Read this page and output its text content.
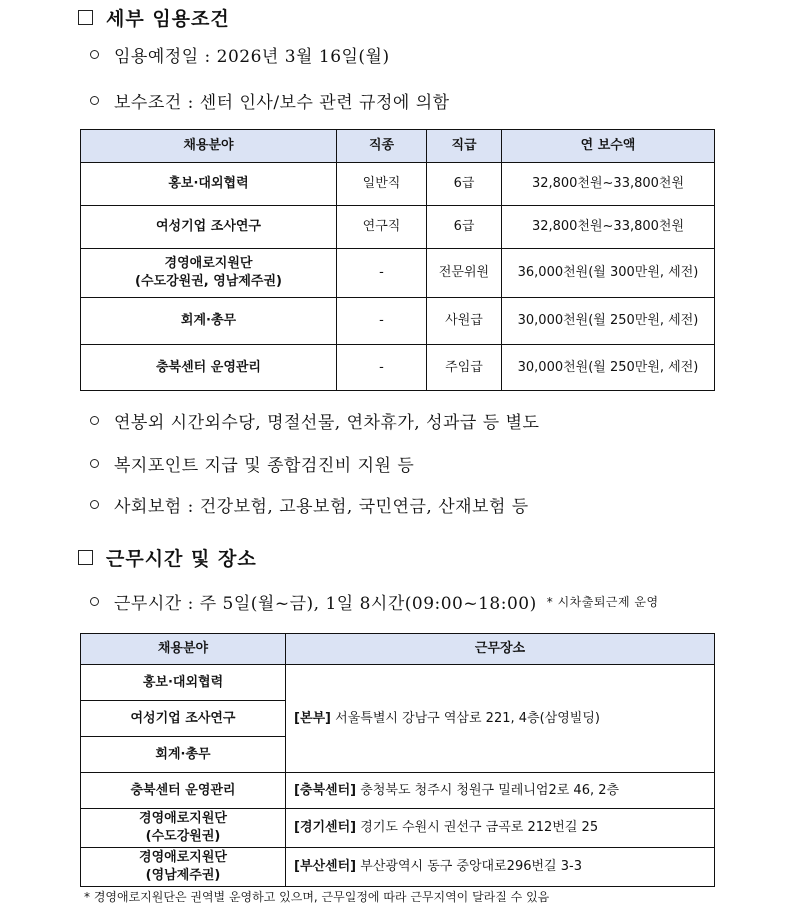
세부 임용조건
임용예정일 : 2026년 3월 16일(월)
보수조건 : 센터 인사/보수 관련 규정에 의함
채용분야	직종	직급	연 보수액
홍보·대외협력	일반직	6급	32,800천원~33,800천원
여성기업 조사연구	연구직	6급	32,800천원~33,800천원

경영애로지원단
(수도강원권, 영남제주권)	-	전문위원	36,000천원(월 300만원, 세전)
회계·총무	-	사원급	30,000천원(월 250만원, 세전)
충북센터 운영관리	-	주임급	30,000천원(월 250만원, 세전)
연봉외 시간외수당, 명절선물, 연차휴가, 성과급 등 별도
복지포인트 지급 및 종합검진비 지원 등
사회보험 : 건강보험, 고용보험, 국민연금, 산재보험 등
근무시간 및 장소
근무시간 : 주 5일(월~금), 1일 8시간(09:00~18:00) * 시차출퇴근제 운영
채용분야	근무장소
홍보·대외협력	[본부] 서울특별시 강남구 역삼로 221, 4층(삼영빌딩)
여성기업 조사연구	
회계·총무	
충북센터 운영관리	[충북센터] 충청북도 청주시 청원구 밀레니엄2로 46, 2층

경영애로지원단
(수도강원권)	[경기센터] 경기도 수원시 권선구 금곡로 212번길 25

경영애로지원단
(영남제주권)	[부산센터] 부산광역시 동구 중앙대로296번길 3-3
* 경영애로지원단은 권역별 운영하고 있으며, 근무일정에 따라 근무지역이 달라질 수 있음
